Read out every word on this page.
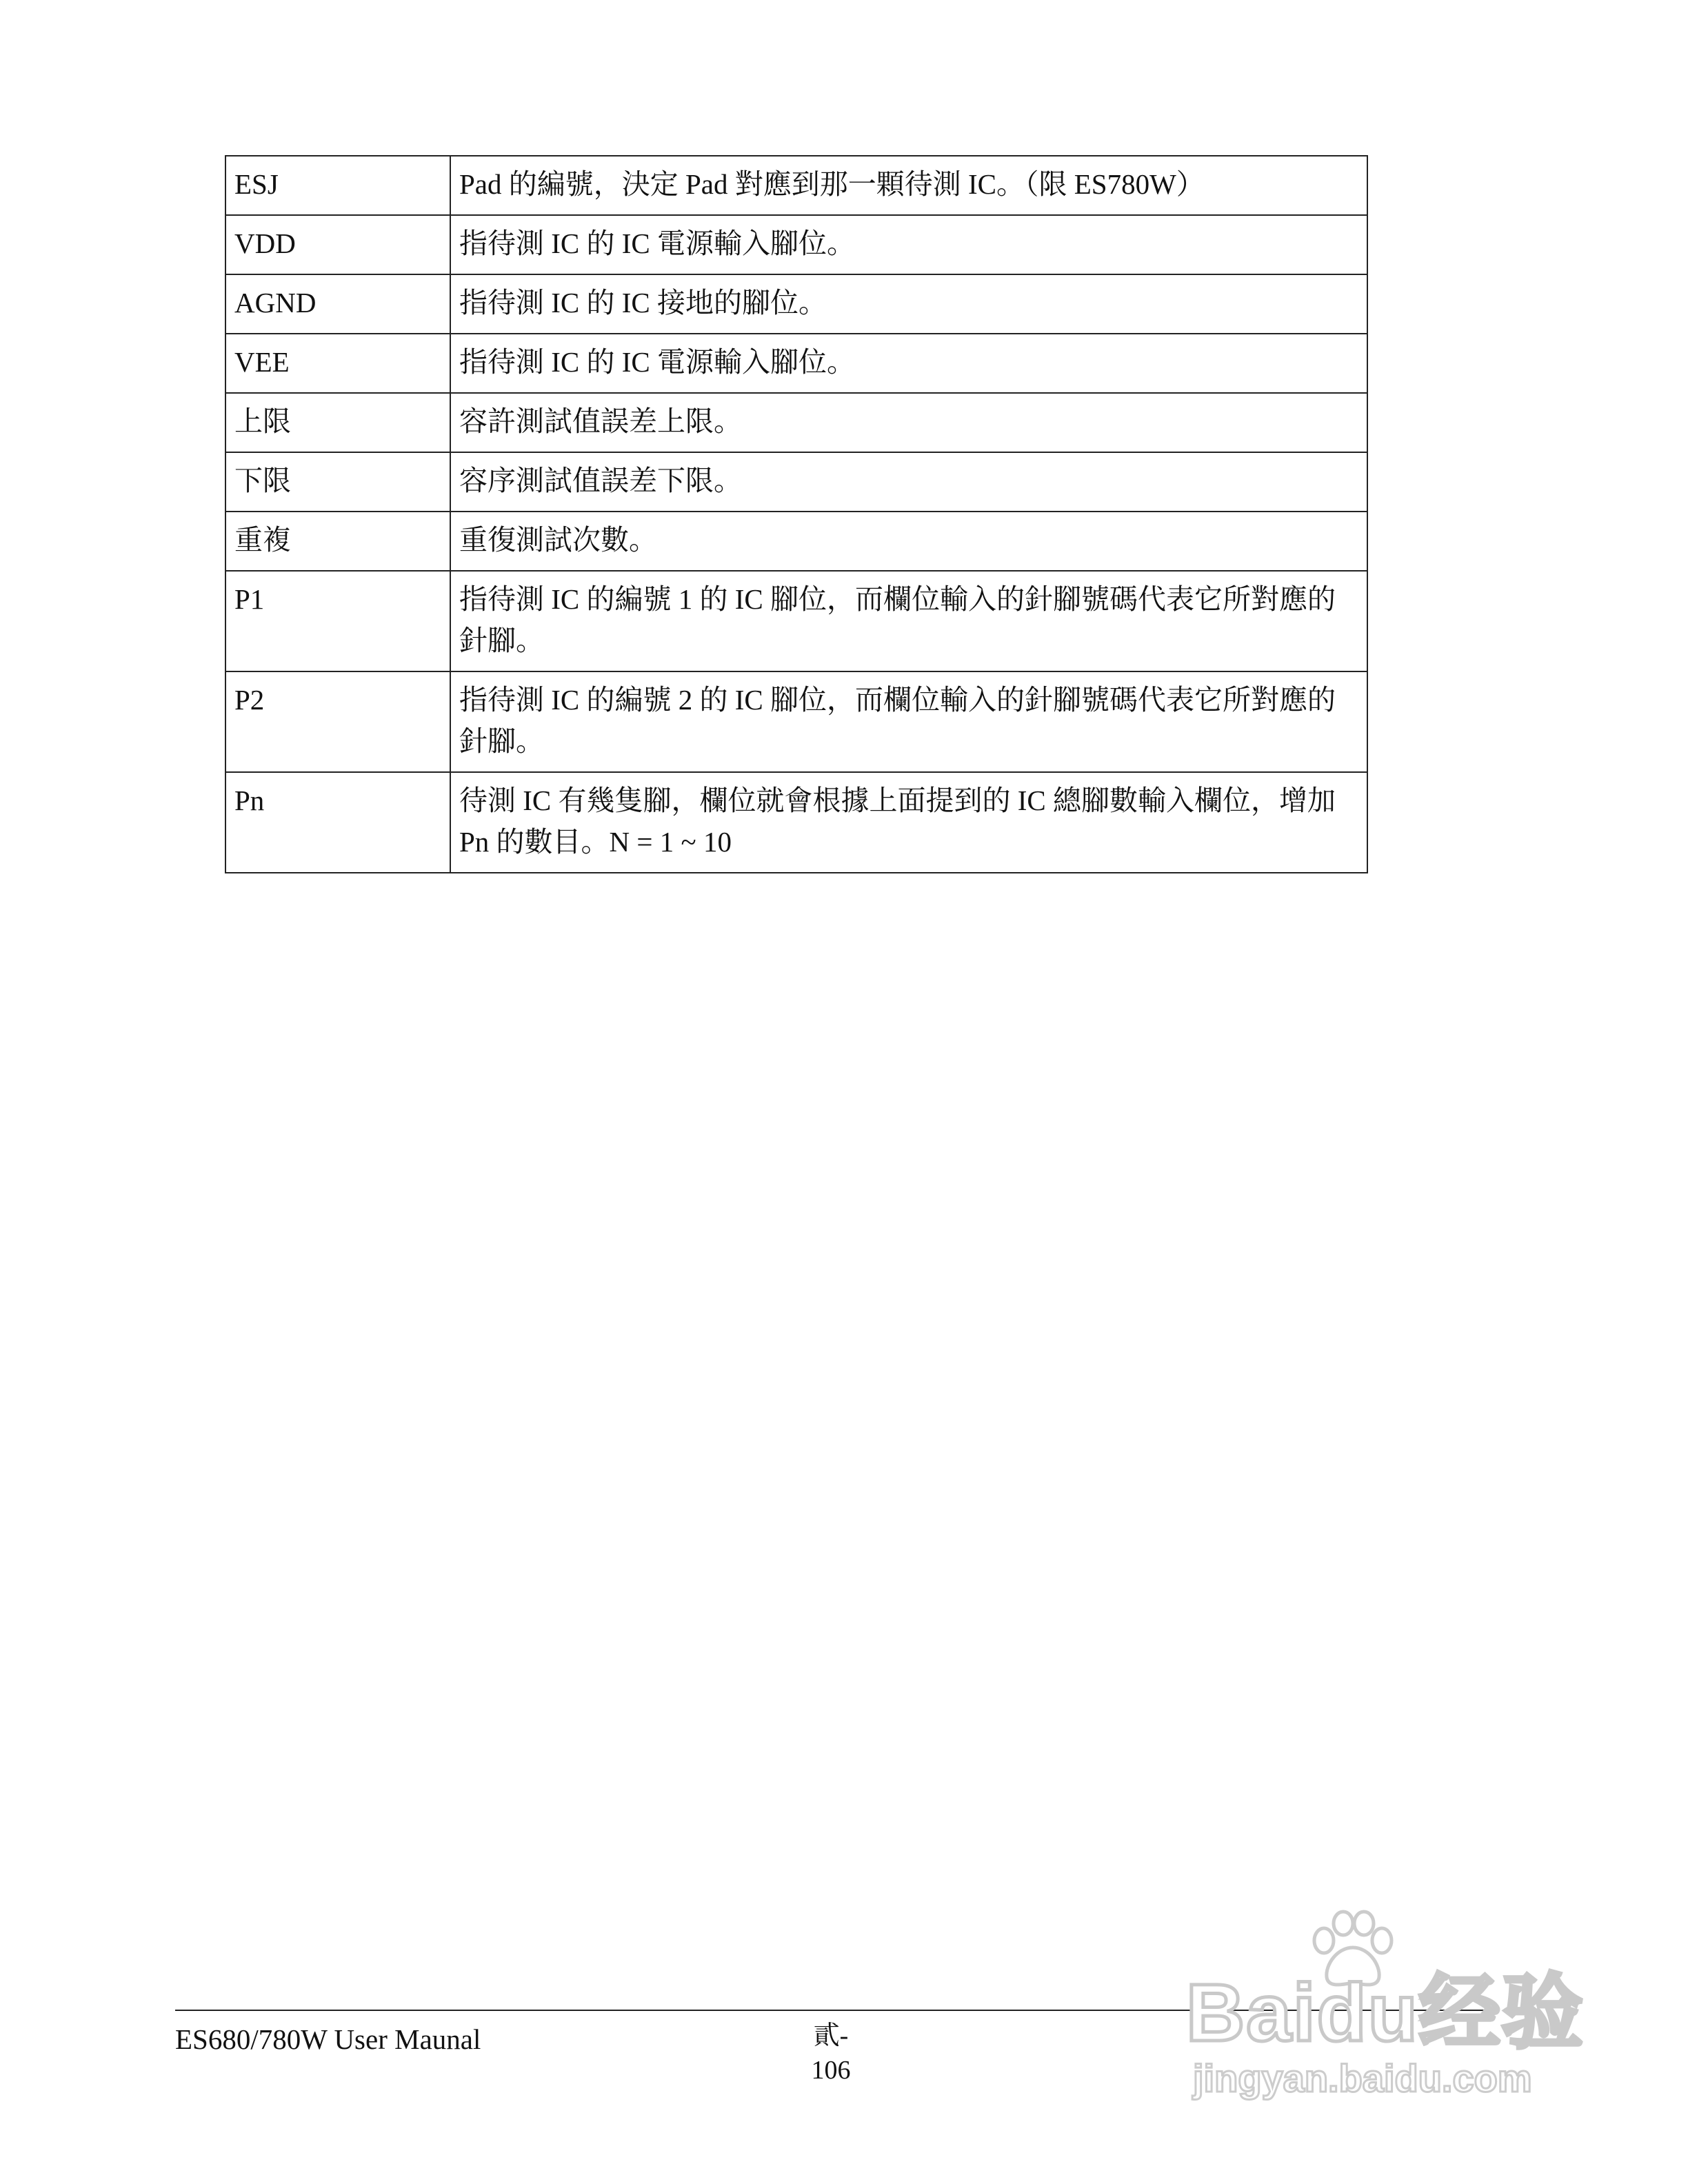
ESJ	Pad 的編號，決定 Pad 對應到那一顆待測 IC。（限 ES780W）
VDD	指待測 IC 的 IC 電源輸入腳位。
AGND	指待測 IC 的 IC 接地的腳位。
VEE	指待測 IC 的 IC 電源輸入腳位。
上限	容許測試值誤差上限。
下限	容序測試值誤差下限。
重複	重復測試次數。
P1	指待測 IC 的編號 1 的 IC 腳位，而欄位輸入的針腳號碼代表它所對應的針腳。
P2	指待測 IC 的編號 2 的 IC 腳位，而欄位輸入的針腳號碼代表它所對應的針腳。
Pn	待測 IC 有幾隻腳，欄位就會根據上面提到的 IC 總腳數輸入欄位，增加 Pn 的數目。N = 1 ~ 10
ES680/780W User Maunal	貳-
106
Baidu经验
jingyan.baidu.com
